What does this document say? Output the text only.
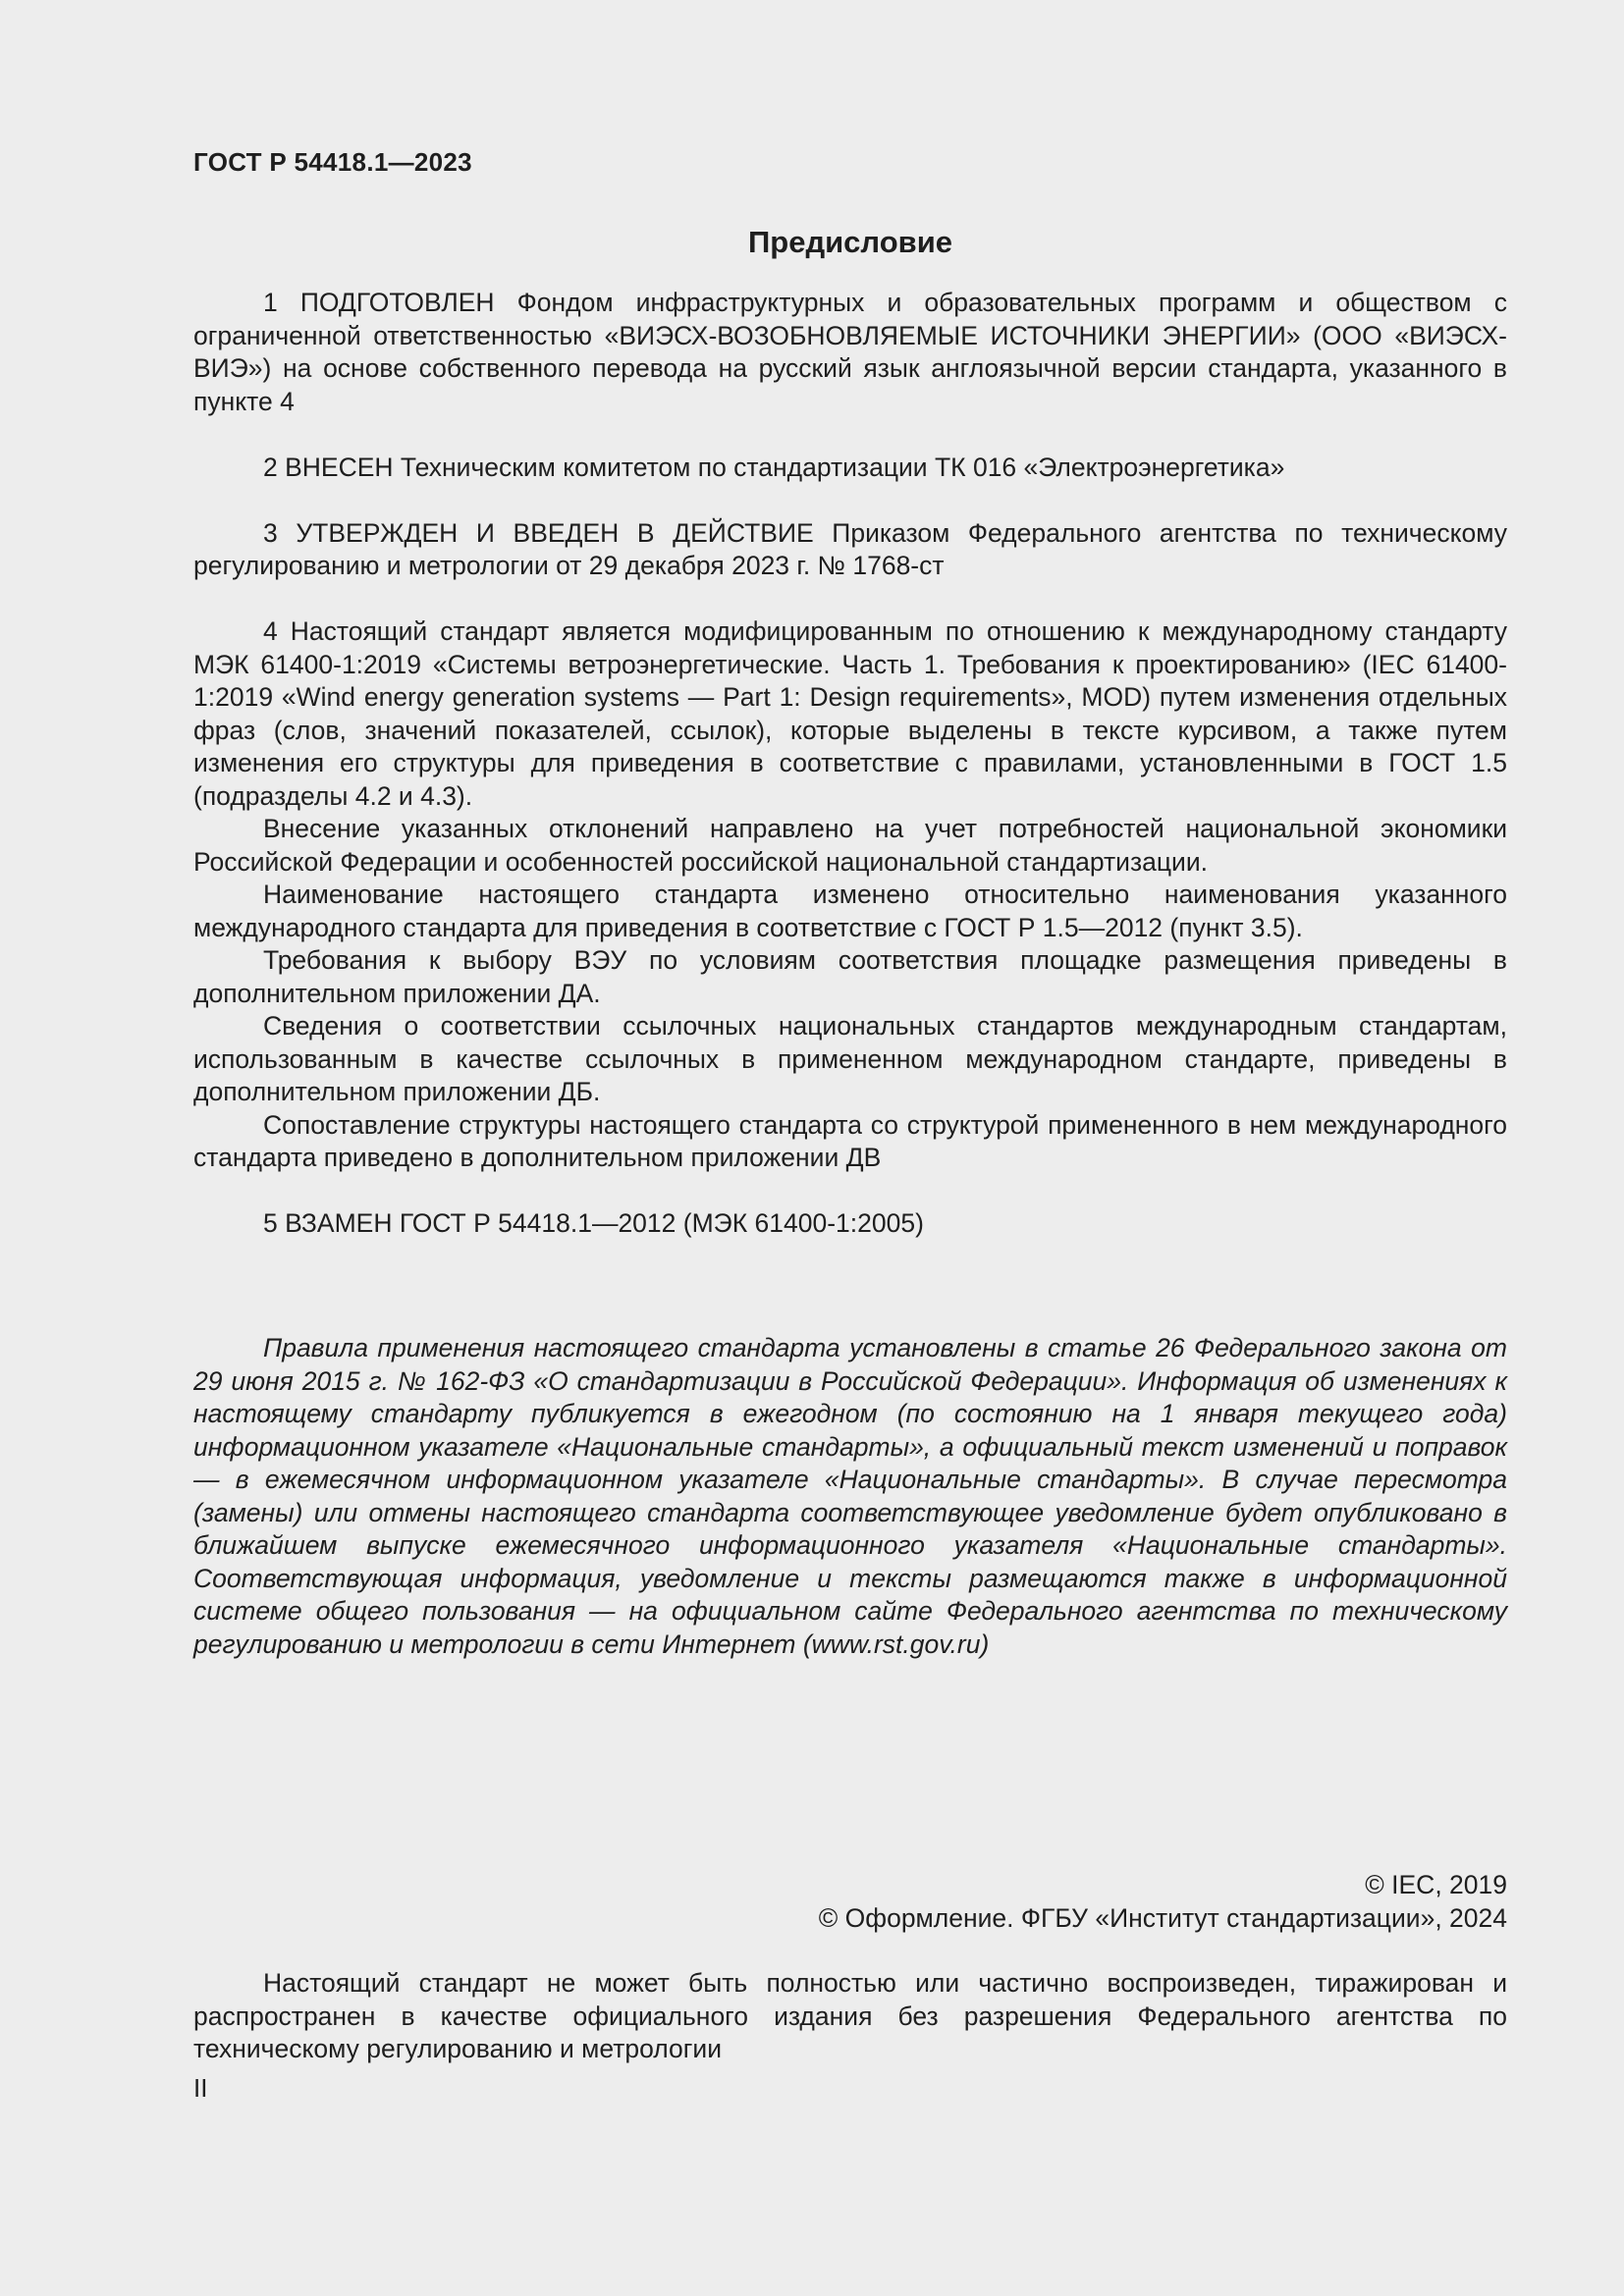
ГОСТ Р 54418.1—2023
Предисловие

1 ПОДГОТОВЛЕН Фондом инфраструктурных и образовательных программ и обществом с ограниченной ответственностью «ВИЭСХ-ВОЗОБНОВЛЯЕМЫЕ ИСТОЧНИКИ ЭНЕРГИИ» (ООО «ВИЭСХ-ВИЭ») на основе собственного перевода на русский язык англоязычной версии стандарта, указанного в пункте 4

2 ВНЕСЕН Техническим комитетом по стандартизации ТК 016 «Электроэнергетика»

3 УТВЕРЖДЕН И ВВЕДЕН В ДЕЙСТВИЕ Приказом Федерального агентства по техническому регулированию и метрологии от 29 декабря 2023 г. № 1768-ст

4 Настоящий стандарт является модифицированным по отношению к международному стандарту МЭК 61400-1:2019 «Системы ветроэнергетические. Часть 1. Требования к проектированию» (IEC 61400-1:2019 «Wind energy generation systems — Part 1: Design requirements», MOD) путем изменения отдельных фраз (слов, значений показателей, ссылок), которые выделены в тексте курсивом, а также путем изменения его структуры для приведения в соответствие с правилами, установленными в ГОСТ 1.5 (подразделы 4.2 и 4.3).

Внесение указанных отклонений направлено на учет потребностей национальной экономики Российской Федерации и особенностей российской национальной стандартизации.

Наименование настоящего стандарта изменено относительно наименования указанного международного стандарта для приведения в соответствие с ГОСТ Р 1.5—2012 (пункт 3.5).

Требования к выбору ВЭУ по условиям соответствия площадке размещения приведены в дополнительном приложении ДА.

Сведения о соответствии ссылочных национальных стандартов международным стандартам, использованным в качестве ссылочных в примененном международном стандарте, приведены в дополнительном приложении ДБ.

Сопоставление структуры настоящего стандарта со структурой примененного в нем международного стандарта приведено в дополнительном приложении ДВ

5 ВЗАМЕН ГОСТ Р 54418.1—2012 (МЭК 61400-1:2005)

Правила применения настоящего стандарта установлены в статье 26 Федерального закона от 29 июня 2015 г. № 162-ФЗ «О стандартизации в Российской Федерации». Информация об изменениях к настоящему стандарту публикуется в ежегодном (по состоянию на 1 января текущего года) информационном указателе «Национальные стандарты», а официальный текст изменений и поправок — в ежемесячном информационном указателе «Национальные стандарты». В случае пересмотра (замены) или отмены настоящего стандарта соответствующее уведомление будет опубликовано в ближайшем выпуске ежемесячного информационного указателя «Национальные стандарты». Соответствующая информация, уведомление и тексты размещаются также в информационной системе общего пользования — на официальном сайте Федерального агентства по техническому регулированию и метрологии в сети Интернет (www.rst.gov.ru)

© IEC, 2019
© Оформление. ФГБУ «Институт стандартизации», 2024

Настоящий стандарт не может быть полностью или частично воспроизведен, тиражирован и распространен в качестве официального издания без разрешения Федерального агентства по техническому регулированию и метрологии

II
